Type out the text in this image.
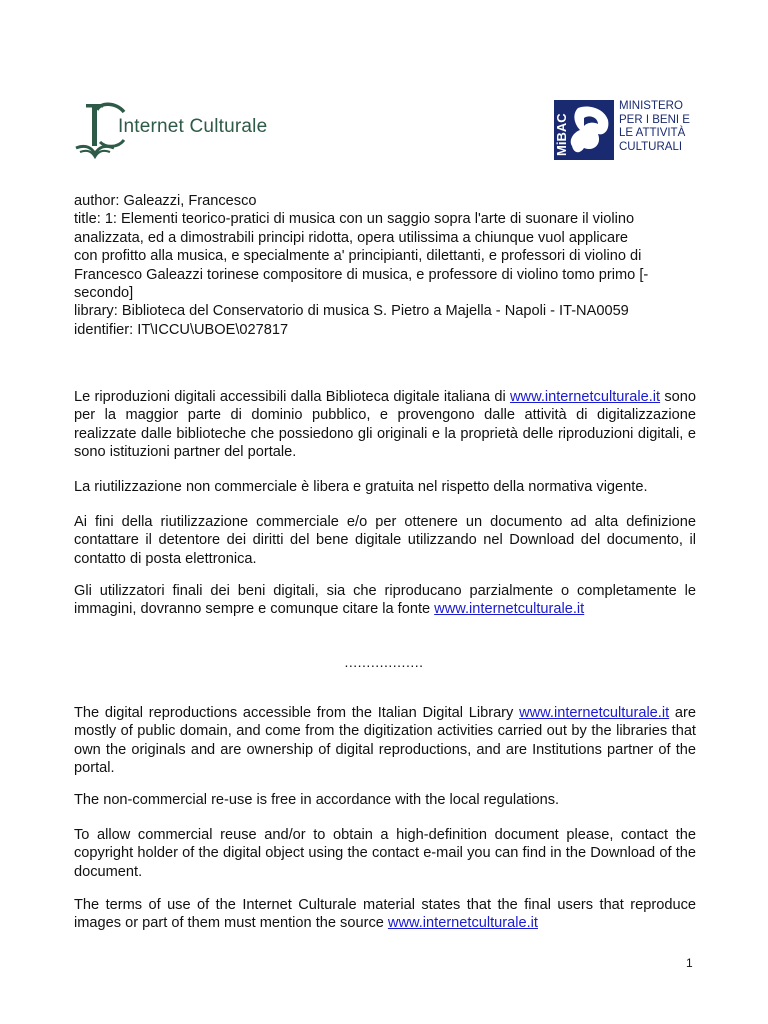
Internet Culturale	MiBAC
MINISTERO
PER I BENI E
LE ATTIVITÀ
CULTURALI
author: Galeazzi, Francesco
title: 1: Elementi teorico-pratici di musica con un saggio sopra l'arte di suonare il violino
analizzata, ed a dimostrabili principi ridotta, opera utilissima a chiunque vuol applicare
con profitto alla musica, e specialmente a' principianti, dilettanti, e professori di violino di
Francesco Galeazzi torinese compositore di musica, e professore di violino tomo primo [-
secondo]
library: Biblioteca del Conservatorio di musica S. Pietro a Majella - Napoli - IT-NA0059
identifier: IT\ICCU\UBOE\027817
Le riproduzioni digitali accessibili dalla Biblioteca digitale italiana di www.internetculturale.it sono per la maggior parte di dominio pubblico, e provengono dalle attività di digitalizzazione realizzate dalle biblioteche che possiedono gli originali e la proprietà delle riproduzioni digitali, e sono istituzioni partner del portale.
La riutilizzazione non commerciale è libera e gratuita nel rispetto della normativa vigente.
Ai fini della riutilizzazione commerciale e/o per ottenere un documento ad alta definizione contattare il detentore dei diritti del bene digitale utilizzando nel Download del documento, il contatto di posta elettronica.
Gli utilizzatori finali dei beni digitali, sia che riproducano parzialmente o completamente le immagini, dovranno sempre e comunque citare la fonte www.internetculturale.it
..................
The digital reproductions accessible from the Italian Digital Library www.internetculturale.it are mostly of public domain, and come from the digitization activities carried out by the libraries that own the originals and are ownership of digital reproductions, and are Institutions partner of the portal.
The non-commercial re-use is free in accordance with the local regulations.
To allow commercial reuse and/or to obtain a high-definition document please, contact the copyright holder of the digital object using the contact e-mail you can find in the Download of the document.
The terms of use of the Internet Culturale material states that the final users that reproduce images or part of them must mention the source www.internetculturale.it
1
